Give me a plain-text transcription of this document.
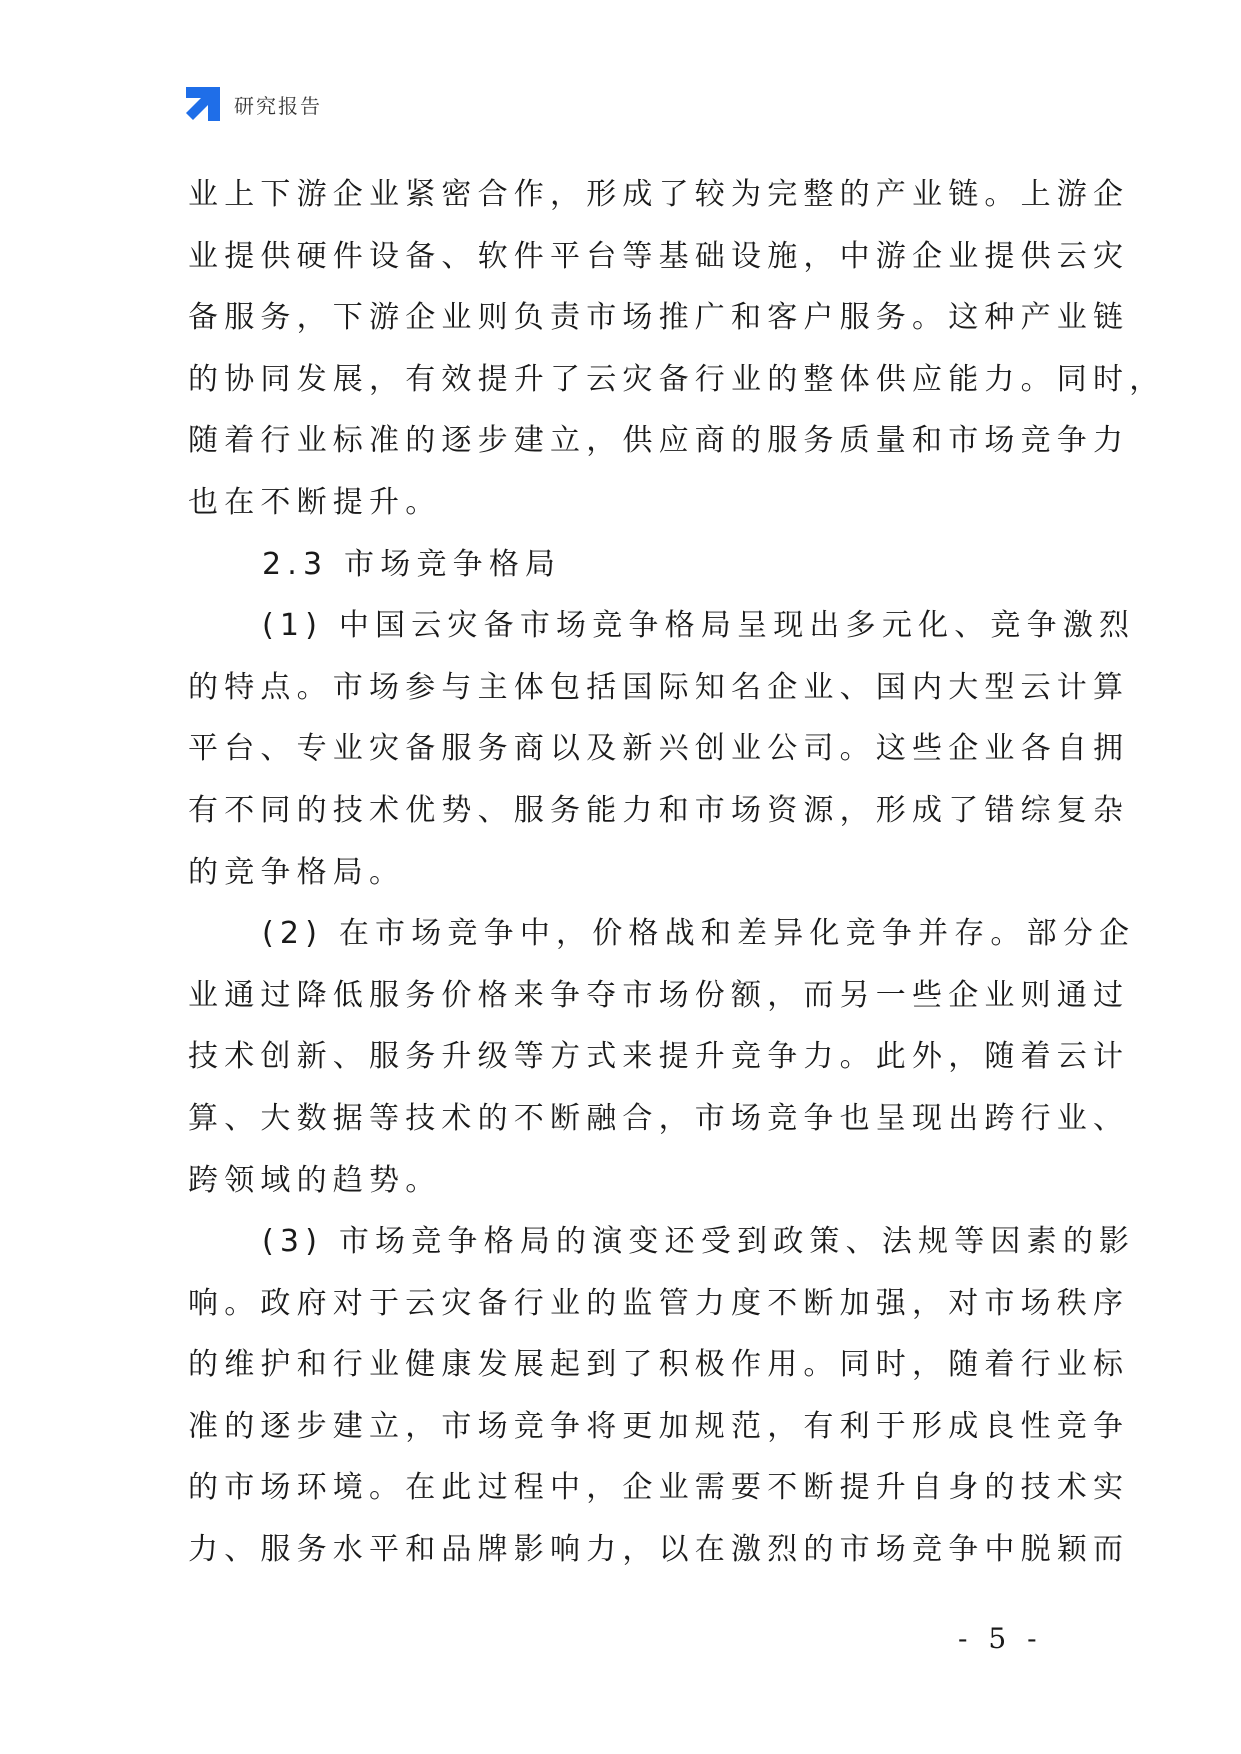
研究报告
业上下游企业紧密合作，形成了较为完整的产业链。上游企
业提供硬件设备、软件平台等基础设施，中游企业提供云灾
备服务，下游企业则负责市场推广和客户服务。这种产业链
的协同发展，有效提升了云灾备行业的整体供应能力。同时，
随着行业标准的逐步建立，供应商的服务质量和市场竞争力
也在不断提升。
2.3 市场竞争格局
(1) 中国云灾备市场竞争格局呈现出多元化、竞争激烈
的特点。市场参与主体包括国际知名企业、国内大型云计算
平台、专业灾备服务商以及新兴创业公司。这些企业各自拥
有不同的技术优势、服务能力和市场资源，形成了错综复杂
的竞争格局。
(2) 在市场竞争中，价格战和差异化竞争并存。部分企
业通过降低服务价格来争夺市场份额，而另一些企业则通过
技术创新、服务升级等方式来提升竞争力。此外，随着云计
算、大数据等技术的不断融合，市场竞争也呈现出跨行业、
跨领域的趋势。
(3) 市场竞争格局的演变还受到政策、法规等因素的影
响。政府对于云灾备行业的监管力度不断加强，对市场秩序
的维护和行业健康发展起到了积极作用。同时，随着行业标
准的逐步建立，市场竞争将更加规范，有利于形成良性竞争
的市场环境。在此过程中，企业需要不断提升自身的技术实
力、服务水平和品牌影响力，以在激烈的市场竞争中脱颖而
- 5 -
